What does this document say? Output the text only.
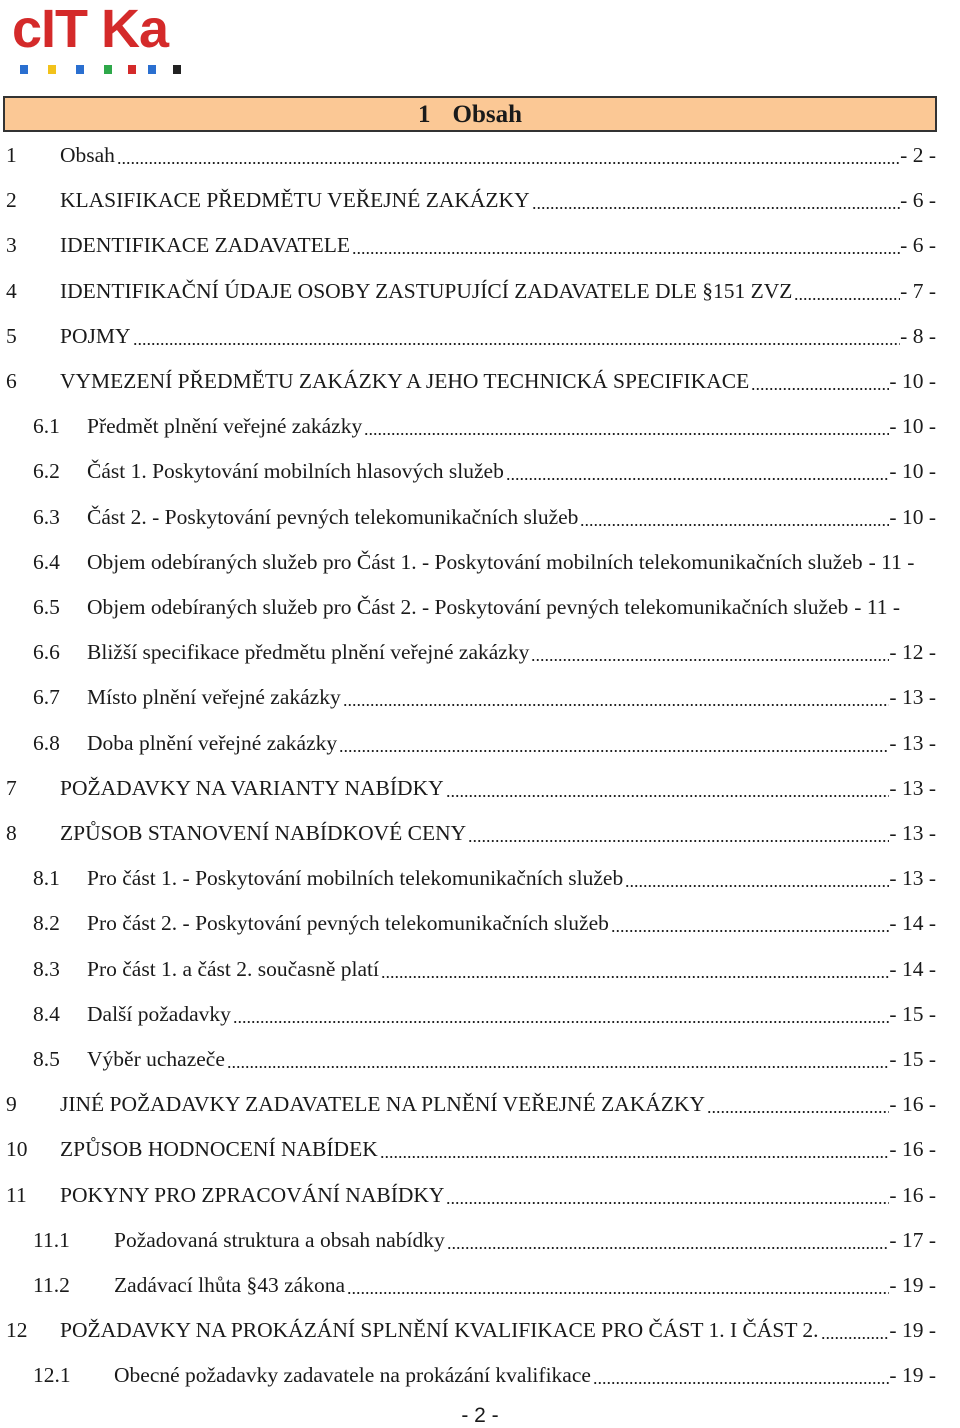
cIT Ka
1 Obsah
1 Obsah	- 2 -
2 KLASIFIKACE PŘEDMĚTU VEŘEJNÉ ZAKÁZKY	- 6 -
3 IDENTIFIKACE ZADAVATELE	- 6 -
4 IDENTIFIKAČNÍ ÚDAJE OSOBY ZASTUPUJÍCÍ ZADAVATELE DLE §151 ZVZ	- 7 -
5 POJMY	- 8 -
6 VYMEZENÍ PŘEDMĚTU ZAKÁZKY A JEHO TECHNICKÁ SPECIFIKACE	- 10 -
6.1 Předmět plnění veřejné zakázky	- 10 -
6.2 Část 1. Poskytování mobilních hlasových služeb	- 10 -
6.3 Část 2. - Poskytování pevných telekomunikačních služeb	- 10 -
6.4 Objem odebíraných služeb pro Část 1. - Poskytování mobilních telekomunikačních služeb - 11 -
6.5 Objem odebíraných služeb pro Část 2. - Poskytování pevných telekomunikačních služeb - 11 -
6.6 Bližší specifikace předmětu plnění veřejné zakázky	- 12 -
6.7 Místo plnění veřejné zakázky	- 13 -
6.8 Doba plnění veřejné zakázky	- 13 -
7 POŽADAVKY NA VARIANTY NABÍDKY	- 13 -
8 ZPŮSOB STANOVENÍ NABÍDKOVÉ CENY	- 13 -
8.1 Pro část 1. - Poskytování mobilních telekomunikačních služeb	- 13 -
8.2 Pro část 2. - Poskytování pevných telekomunikačních služeb	- 14 -
8.3 Pro část 1. a část 2. současně platí	- 14 -
8.4 Další požadavky	- 15 -
8.5 Výběr uchazeče	- 15 -
9 JINÉ POŽADAVKY ZADAVATELE NA PLNĚNÍ VEŘEJNÉ ZAKÁZKY	- 16 -
10 ZPŮSOB HODNOCENÍ NABÍDEK	- 16 -
11 POKYNY PRO ZPRACOVÁNÍ NABÍDKY	- 16 -
11.1 Požadovaná struktura a obsah nabídky	- 17 -
11.2 Zadávací lhůta §43 zákona	- 19 -
12 POŽADAVKY NA PROKÁZÁNÍ SPLNĚNÍ KVALIFIKACE PRO ČÁST 1. I ČÁST 2.	- 19 -
12.1 Obecné požadavky zadavatele na prokázání kvalifikace	- 19 -
- 2 -
